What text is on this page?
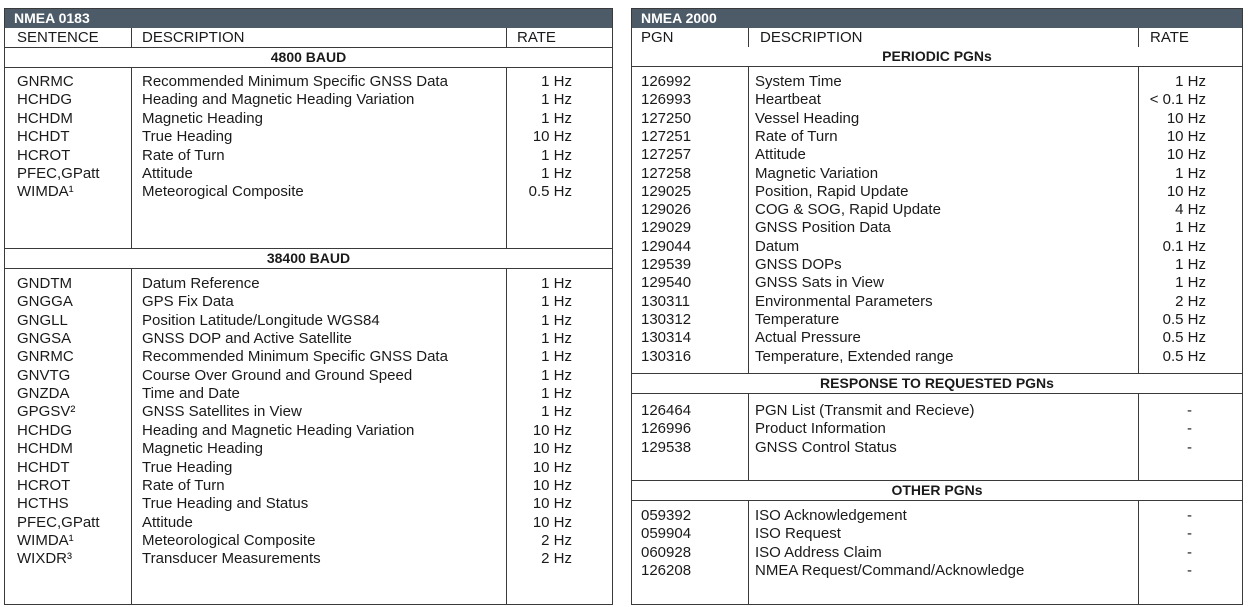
NMEA 0183
SENTENCE	DESCRIPTION	RATE
4800 BAUD
GNRMC	Recommended Minimum Specific GNSS Data	1 Hz
HCHDG	Heading and Magnetic Heading Variation	1 Hz
HCHDM	Magnetic Heading	1 Hz
HCHDT	True Heading	10 Hz
HCROT	Rate of Turn	1 Hz
PFEC,GPatt	Attitude	1 Hz
WIMDA¹	Meteorogical Composite	0.5 Hz
38400 BAUD
GNDTM	Datum Reference	1 Hz
GNGGA	GPS Fix Data	1 Hz
GNGLL	Position Latitude/Longitude WGS84	1 Hz
GNGSA	GNSS DOP and Active Satellite	1 Hz
GNRMC	Recommended Minimum Specific GNSS Data	1 Hz
GNVTG	Course Over Ground and Ground Speed	1 Hz
GNZDA	Time and Date	1 Hz
GPGSV²	GNSS Satellites in View	1 Hz
HCHDG	Heading and Magnetic Heading Variation	10 Hz
HCHDM	Magnetic Heading	10 Hz
HCHDT	True Heading	10 Hz
HCROT	Rate of Turn	10 Hz
HCTHS	True Heading and Status	10 Hz
PFEC,GPatt	Attitude	10 Hz
WIMDA¹	Meteorological Composite	2 Hz
WIXDR³	Transducer Measurements	2 Hz
NMEA 2000
PGN	DESCRIPTION	RATE
PERIODIC PGNs
126992	System Time	1 Hz
126993	Heartbeat	< 0.1 Hz
127250	Vessel Heading	10 Hz
127251	Rate of Turn	10 Hz
127257	Attitude	10 Hz
127258	Magnetic Variation	1 Hz
129025	Position, Rapid Update	10 Hz
129026	COG & SOG, Rapid Update	4 Hz
129029	GNSS Position Data	1 Hz
129044	Datum	0.1 Hz
129539	GNSS DOPs	1 Hz
129540	GNSS Sats in View	1 Hz
130311	Environmental Parameters	2 Hz
130312	Temperature	0.5 Hz
130314	Actual Pressure	0.5 Hz
130316	Temperature, Extended range	0.5 Hz
RESPONSE TO REQUESTED PGNs
126464	PGN List (Transmit and Recieve)	-
126996	Product Information	-
129538	GNSS Control Status	-
OTHER PGNs
059392	ISO Acknowledgement	-
059904	ISO Request	-
060928	ISO Address Claim	-
126208	NMEA Request/Command/Acknowledge	-
